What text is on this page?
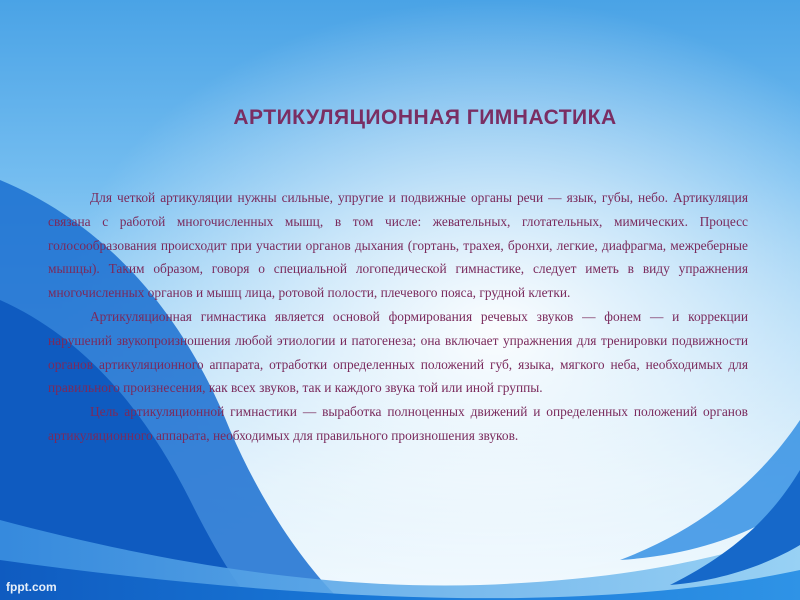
АРТИКУЛЯЦИОННАЯ ГИМНАСТИКА

Для четкой артикуляции нужны сильные, упругие и подвижные органы речи — язык, губы, небо. Артикуляция связана с работой многочисленных мышц, в том числе: жевательных, глотательных, мимических. Процесс голосообразования происходит при участии органов дыхания (гортань, трахея, бронхи, легкие, диафрагма, межреберные мышцы). Таким образом, говоря о специальной логопедической гимнастике, следует иметь в виду упражнения многочисленных органов и мышц лица, ротовой полости, плечевого пояса, грудной клетки.

Артикуляционная гимнастика является основой формирования речевых звуков — фонем — и коррекции нарушений звукопроизношения любой этиологии и патогенеза; она включает упражнения для тренировки подвижности органов артикуляционного аппарата, отработки определенных положений губ, языка, мягкого неба, необходимых для правильного произнесения, как всех звуков, так и каждого звука той или иной группы.

Цель артикуляционной гимнастики — выработка полноценных движений и определенных положений органов артикуляционного аппарата, необходимых для правильного произношения звуков.

fppt.com
